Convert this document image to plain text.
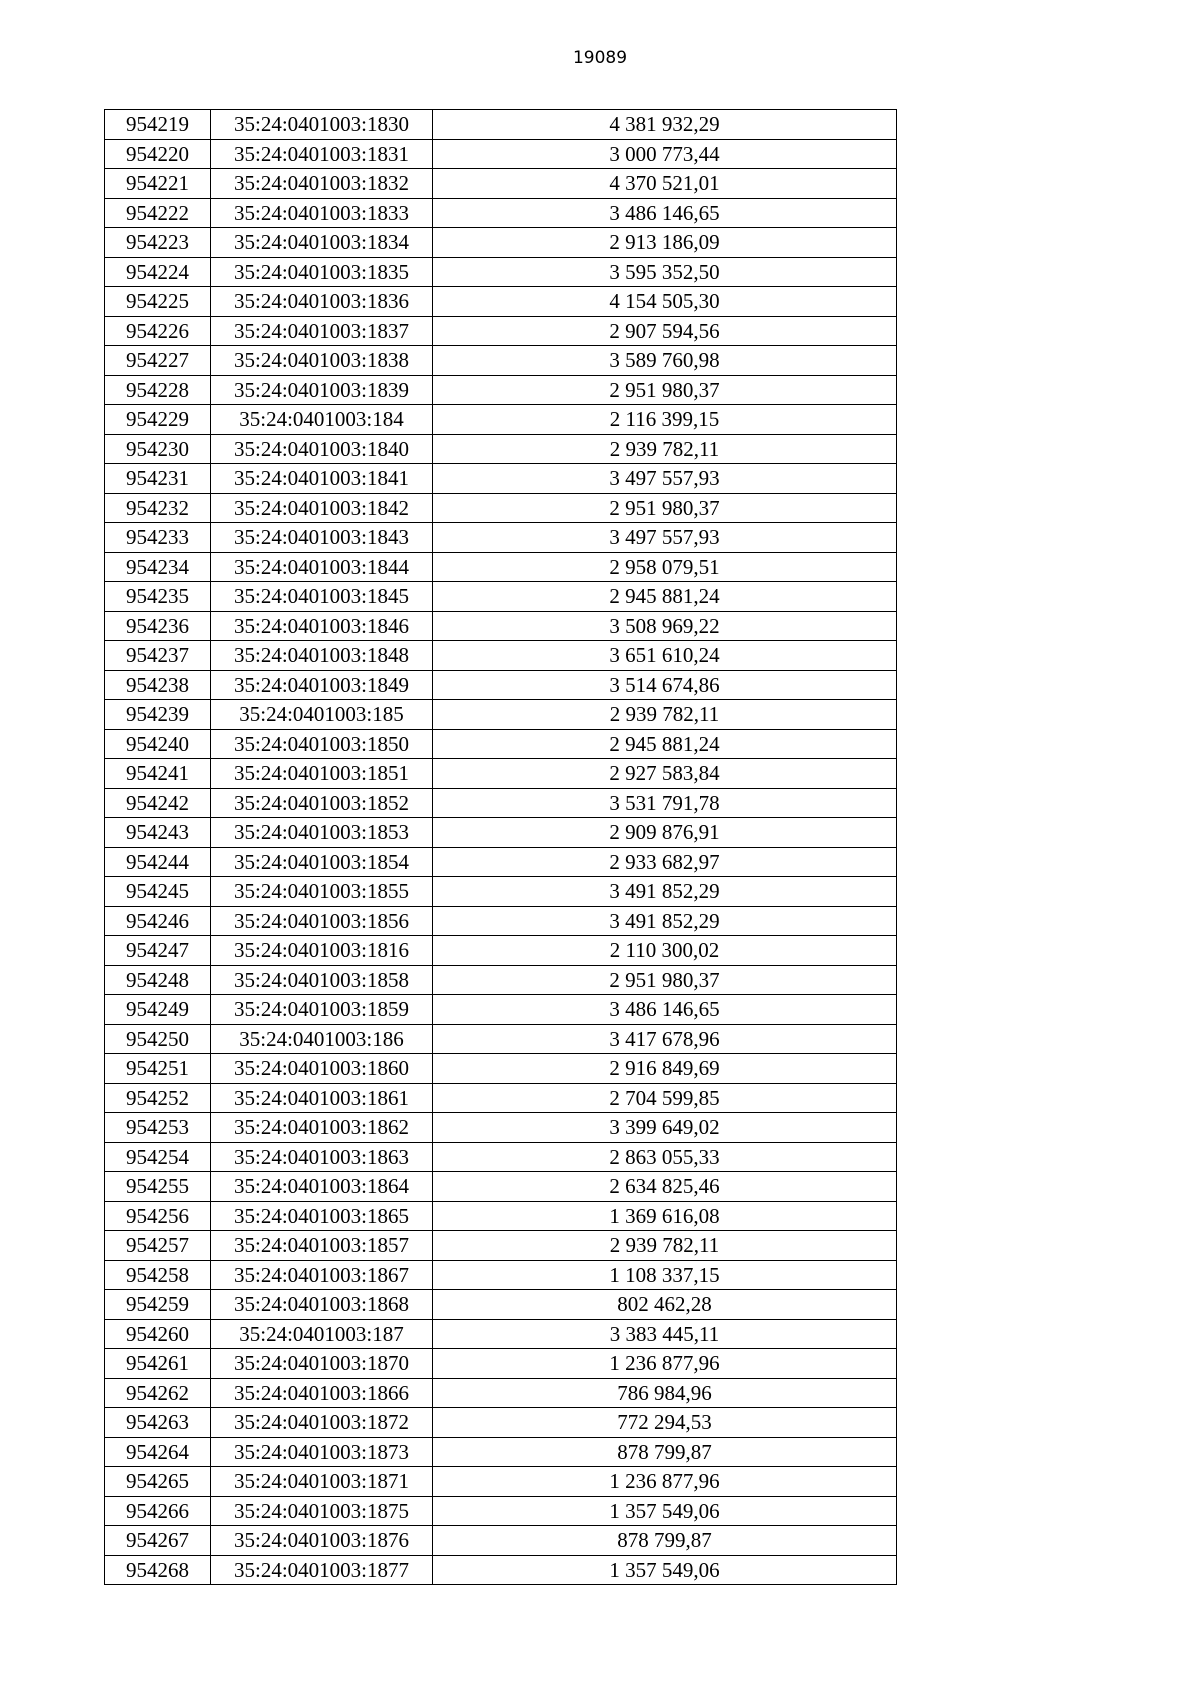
19089
954219	35:24:0401003:1830	4 381 932,29
954220	35:24:0401003:1831	3 000 773,44
954221	35:24:0401003:1832	4 370 521,01
954222	35:24:0401003:1833	3 486 146,65
954223	35:24:0401003:1834	2 913 186,09
954224	35:24:0401003:1835	3 595 352,50
954225	35:24:0401003:1836	4 154 505,30
954226	35:24:0401003:1837	2 907 594,56
954227	35:24:0401003:1838	3 589 760,98
954228	35:24:0401003:1839	2 951 980,37
954229	35:24:0401003:184	2 116 399,15
954230	35:24:0401003:1840	2 939 782,11
954231	35:24:0401003:1841	3 497 557,93
954232	35:24:0401003:1842	2 951 980,37
954233	35:24:0401003:1843	3 497 557,93
954234	35:24:0401003:1844	2 958 079,51
954235	35:24:0401003:1845	2 945 881,24
954236	35:24:0401003:1846	3 508 969,22
954237	35:24:0401003:1848	3 651 610,24
954238	35:24:0401003:1849	3 514 674,86
954239	35:24:0401003:185	2 939 782,11
954240	35:24:0401003:1850	2 945 881,24
954241	35:24:0401003:1851	2 927 583,84
954242	35:24:0401003:1852	3 531 791,78
954243	35:24:0401003:1853	2 909 876,91
954244	35:24:0401003:1854	2 933 682,97
954245	35:24:0401003:1855	3 491 852,29
954246	35:24:0401003:1856	3 491 852,29
954247	35:24:0401003:1816	2 110 300,02
954248	35:24:0401003:1858	2 951 980,37
954249	35:24:0401003:1859	3 486 146,65
954250	35:24:0401003:186	3 417 678,96
954251	35:24:0401003:1860	2 916 849,69
954252	35:24:0401003:1861	2 704 599,85
954253	35:24:0401003:1862	3 399 649,02
954254	35:24:0401003:1863	2 863 055,33
954255	35:24:0401003:1864	2 634 825,46
954256	35:24:0401003:1865	1 369 616,08
954257	35:24:0401003:1857	2 939 782,11
954258	35:24:0401003:1867	1 108 337,15
954259	35:24:0401003:1868	802 462,28
954260	35:24:0401003:187	3 383 445,11
954261	35:24:0401003:1870	1 236 877,96
954262	35:24:0401003:1866	786 984,96
954263	35:24:0401003:1872	772 294,53
954264	35:24:0401003:1873	878 799,87
954265	35:24:0401003:1871	1 236 877,96
954266	35:24:0401003:1875	1 357 549,06
954267	35:24:0401003:1876	878 799,87
954268	35:24:0401003:1877	1 357 549,06
